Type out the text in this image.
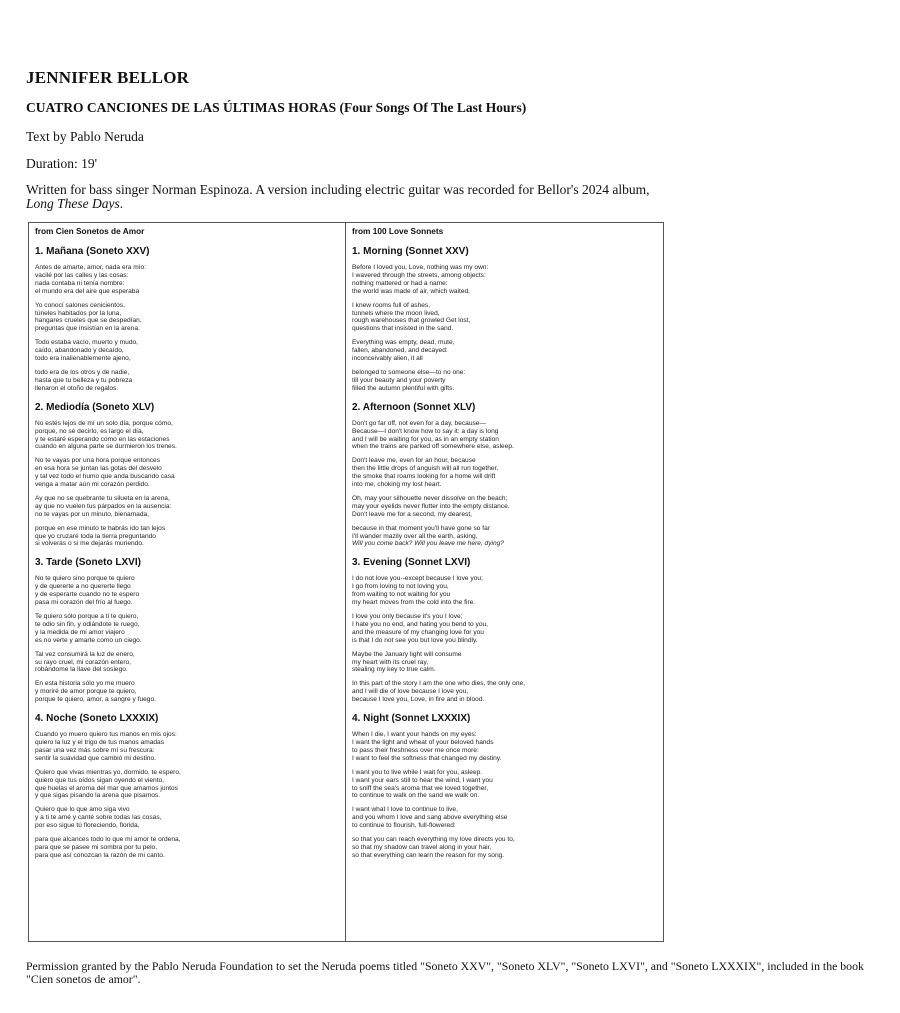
JENNIFER BELLOR

CUATRO CANCIONES DE LAS ÚLTIMAS HORAS (Four Songs Of The Last Hours)

Text by Pablo Neruda

Duration: 19'

Written for bass singer Norman Espinoza. A version including electric guitar was recorded for Bellor's 2024 album,
Long These Days.

from Cien Sonetos de Amor

1. Mañana (Soneto XXV)

Antes de amarte, amor, nada era mío:
vacilé por las calles y las cosas:
nada contaba ni tenía nombre:
el mundo era del aire que esperaba

Yo conocí salones cenicientos,
túneles habitados por la luna,
hangares crueles que se despedían,
preguntas que insistían en la arena.

Todo estaba vacío, muerto y mudo,
caído, abandonado y decaído,
todo era inalienablemente ajeno,

todo era de los otros y de nadie,
hasta que tu belleza y tu pobreza
llenaron el otoño de regalos.

2. Mediodía (Soneto XLV)

No estés lejos de mí un solo día, porque cómo,
porque, no sé decirlo, es largo el día,
y te estaré esperando como en las estaciones
cuando en alguna parte se durmieron los trenes.

No te vayas por una hora porque entonces
en esa hora se juntan las gotas del desvelo
y tal vez todo el humo que anda buscando casa
venga a matar aún mi corazón perdido.

Ay que no se quebrante tu silueta en la arena,
ay que no vuelen tus párpados en la ausencia:
no te vayas por un minuto, bienamada,

porque en ese minuto te habrás ido tan lejos
que yo cruzaré toda la tierra preguntando
si volverás o si me dejarás muriendo.

3. Tarde (Soneto LXVI)

No te quiero sino porque te quiero
y de quererte a no quererte llego
y de esperarte cuando no te espero
pasa mi corazón del frío al fuego.

Te quiero sólo porque a ti te quiero,
te odio sin fin, y odiándote te ruego,
y la medida de mi amor viajero
es no verte y amarte como un ciego.

Tal vez consumirá la luz de enero,
su rayo cruel, mi corazón entero,
robándome la llave del sosiego.

En esta historia sólo yo me muero
y moriré de amor porque te quiero,
porque te quiero, amor, a sangre y fuego.

4. Noche (Soneto LXXXIX)

Cuando yo muero quiero tus manos en mis ojos:
quiero la luz y el trigo de tus manos amadas
pasar una vez más sobre mí su frescura:
sentir la suavidad que cambió mi destino.

Quiero que vivas mientras yo, dormido, te espero,
quiero que tus oídos sigan oyendo el viento,
que huelas el aroma del mar que amamos juntos
y que sigas pisando la arena que pisamos.

Quiero que lo que amo siga vivo
y a ti te amé y canté sobre todas las cosas,
por eso sigue tú floreciendo, florida,

para que alcances todo lo que mi amor te ordena,
para que se pasee mi sombra por tu pelo,
para que así conozcan la razón de mi canto.

from 100 Love Sonnets

1. Morning (Sonnet XXV)

Before I loved you, Love, nothing was my own:
I wavered through the streets, among objects:
nothing mattered or had a name:
the world was made of air, which waited.

I knew rooms full of ashes,
tunnels where the moon lived,
rough warehouses that growled Get lost,
questions that insisted in the sand.

Everything was empty, dead, mute,
fallen, abandoned, and decayed:
inconceivably alien, it all

belonged to someone else—to no one:
till your beauty and your poverty
filled the autumn plentiful with gifts.

2. Afternoon (Sonnet XLV)

Don't go far off, not even for a day, because—
Because—I don't know how to say it: a day is long
and I will be waiting for you, as in an empty station
when the trains are parked off somewhere else, asleep.

Don't leave me, even for an hour, because
then the little drops of anguish will all run together,
the smoke that roams looking for a home will drift
into me, choking my lost heart.

Oh, may your silhouette never dissolve on the beach;
may your eyelids never flutter into the empty distance.
Don't leave me for a second, my dearest,

because in that moment you'll have gone so far
I'll wander mazily over all the earth, asking,
Will you come back? Will you leave me here, dying?

3. Evening (Sonnet LXVI)

I do not love you--except because I love you;
I go from loving to not loving you,
from waiting to not waiting for you
my heart moves from the cold into the fire.

I love you only because it's you I love;
I hate you no end, and hating you bend to you,
and the measure of my changing love for you
is that I do not see you but love you blindly.

Maybe the January light will consume
my heart with its cruel ray,
stealing my key to true calm.

In this part of the story I am the one who dies, the only one,
and I will die of love because I love you,
because I love you, Love, in fire and in blood.

4. Night (Sonnet LXXXIX)

When I die, I want your hands on my eyes:
I want the light and wheat of your beloved hands
to pass their freshness over me once more:
I want to feel the softness that changed my destiny.

I want you to live while I wait for you, asleep.
I want your ears still to hear the wind, I want you
to sniff the sea's aroma that we loved together,
to continue to walk on the sand we walk on.

I want what I love to continue to live,
and you whom I love and sang above everything else
to continue to flourish, full-flowered:

so that you can reach everything my love directs you to,
so that my shadow can travel along in your hair,
so that everything can learn the reason for my song.

Permission granted by the Pablo Neruda Foundation to set the Neruda poems titled "Soneto XXV", "Soneto XLV", "Soneto LXVI", and "Soneto LXXXIX", included in the book "Cien sonetos de amor".
